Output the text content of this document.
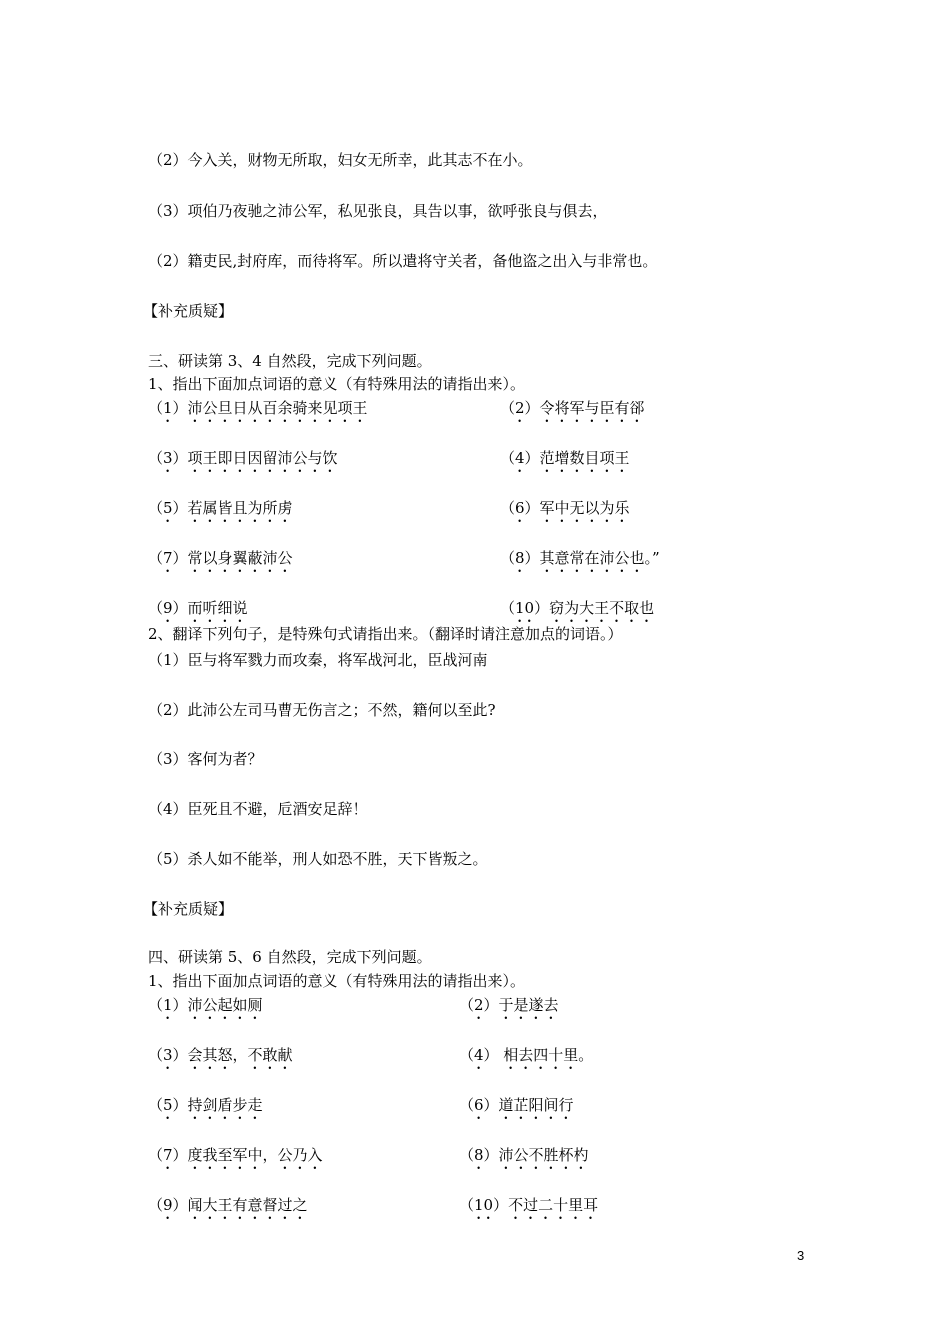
（2）今入关，财物无所取，妇女无所幸，此其志不在小。
（3）项伯乃夜驰之沛公军，私见张良，具告以事，欲呼张良与俱去，
（2）籍吏民,封府库，而待将军。所以遣将守关者，备他盗之出入与非常也。
【补充质疑】
三、研读第 3、4 自然段，完成下列问题。
1、指出下面加点词语的意义（有特殊用法的请指出来）。
（1）沛公旦日从百余骑来见项王	（2）令将军与臣有郤
（3）项王即日因留沛公与饮	（4）范增数目项王
（5）若属皆且为所虏	（6）军中无以为乐
（7）常以身翼蔽沛公	（8）其意常在沛公也。”
（9）而听细说	（10）窃为大王不取也
2、翻译下列句子，是特殊句式请指出来。（翻译时请注意加点的词语。）
（1）臣与将军戮力而攻秦，将军战河北，臣战河南
（2）此沛公左司马曹无伤言之；不然，籍何以至此?
（3）客何为者？
（4）臣死且不避，卮酒安足辞！
（5）杀人如不能举，刑人如恐不胜，天下皆叛之。
【补充质疑】
四、研读第 5、6 自然段，完成下列问题。
1、指出下面加点词语的意义（有特殊用法的请指出来）。
（1）沛公起如厕	（2）于是遂去
（3）会其怒，不敢献	（4） 相去四十里。
（5）持剑盾步走	（6）道芷阳间行
（7）度我至军中，公乃入	（8）沛公不胜杯杓
（9）闻大王有意督过之	（10）不过二十里耳
3
